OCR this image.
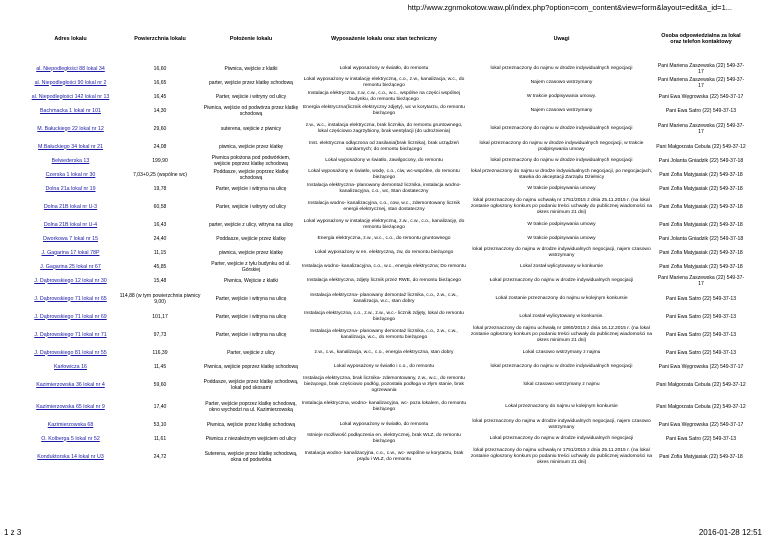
http://www.zgnmokotow.waw.pl/index.php?option=com_content&view=form&layout=edit&a_id=1...
Adres lokalu	Powierzchnia lokalu	Położenie lokalu	Wyposażenie lokalu oraz stan techniczny	Uwagi	Osoba odpowiedzialna za lokal oraz telefon kontaktowy
al. Niepodległości 88 lokal 34	16,60	Piwnica, wejście z klatki	Lokal wyposażony w światło, do remontu	lokal przeznaczony do najmu w drodze indywidualnych negocjacji	Pani Mariena Zaszewska (22) 549-37-17
al. Niepodległości 90 lokal nr 2	16,65	parter, wejście przez klatkę schodową	Lokal wyposażony w instalację elektryczną, c.o., z.w., kanalizacja, w.c., do remontu bieżącego	Najem czasowo wstrzymany	Pani Mariena Zaszewska (22) 549-37-17
al. Niepodległości 142 lokal nr 13	16,45	Parter, wejście i witryny od ulicy	Instalacja elektryczna, z.w, c.w., c.o., w.c., wspólne na części wspólnej budynku, do remontu bieżącego	W trakcie podpisywania umowy.	Pani Ewa Węgrowska (22) 549-37-17
Bachmacka 1 lokal nr 101	14,30	Piwnica, wejście od podwórza przez klatkę schodową	Energia elektryczna(licznik elektryczny zdjęty), wc w korytarzu, do remontu bieżącego	Najem czasowo wstrzymany	Pani Ewa Satro (22) 549-37-13
M. Bałuckiego 22 lokal nr 12	29,60	suterena, wejście z piwnicy	z.w., w.c., instalacja elektryczna, brak licznika, do remontu gruntownego, lokal częściowo zagrzybiony, brak wentylacji (do udrożnienia)	lokal przeznaczony do najmu w drodze indywidualnych negocjacji	Pani Mariena Zaszewska (22) 549-37-17
M.Bałuckiego 34 lokal nr 21	24,08	piwnica, wejście przez klatkę	Inst. elektryczna odłączona od zasilania(brak licznika), brak urządzeń sanitarnych; do remontu bieżącego	lokal przeznaczony do najmu w drodze indywidualnych negocjacji, w trakcie podpisywania umowy	Pani Małgorzata Cebula (22) 549-37-12
Belwederska 13	199,90	Piwnica położona pod podwórkiem, wejście poprzez klatkę schodową	Lokal wyposażony w światło, zawilgocony, do remontu	lokal przeznaczony do najmu w drodze indywidualnych negocjacji	Pani Jolanta Gniadzik (22) 549-37-18
Czerska 1 lokal nr 30	7,03+0,25 (wspólne wc)	Poddasze, wejście poprzez klatkę schodową	Lokal wyposażony w światło, wodę, c.o., ciw, wc-wspólne, do remontu bieżącego	lokal przeznaczony do najmu w drodze indywidualnych negocjacji, po negocjacjach, stawka do akceptacji Zarządu Dzielnicy	Pani Zofia Matyjasiak (22) 549-37-18
Dolna 21a lokal nr 19	19,78	Parter, wejście i witryna na ulicę	Instalacja elektryczna- planowany demontaż licznika, instalacja wodno- kanalizacyjna, c.o., wc, Stan dostateczny	W trakcie podpisywania umowy	Pani Zofia Matyjasiak (22) 549-37-18
Dolna 21B lokal nr U-3	60,58	Parter, wejście i witryny od ulicy	Instalacja wodno- kanalizacyjna, c.o., cow, w.c., zdemontowany licznik energii elektrycznej, stan dostateczny	lokal przeznaczony do najmu uchwałą nr 1751/2015 z dnia 25.11.2015 r. (na lokal zostanie ogłoszony konkurs po podaniu treści uchwały do publicznej wiadomości na okres minimum 21 dni)	Pani Zofia Matyjasiak (22) 549-37-18
Dolna 21B lokal nr U-4	16,43	parter, wejście z ulicy, witryna na ulicę	Lokal wyposażony w instalację elektryczną, z.w., c.w., c.o., kanalizację, do remontu bieżącego	W trakcie podpisywania umowy	Pani Zofia Matyjasiak (22) 549-37-18
Dworkowa 7 lokal nr 15	24,40	Poddasze, wejście przez klatkę	Energia elektryczna, z.w., w.c., c.o., do remontu gruntownego	W trakcie podpisywania umowy	Pani Jolanta Gniadzik (22) 549-37-18
J. Gagarina 17 lokal 78P	11,15	piwnica, wejście przez klatkę	Lokal wyposażony w en. elektryczną, zw, do remontu bieżącego	lokal przeznaczony do najmu w drodze indywidualnych negocjacji, najem czasowo wstrzymany	Pani Zofia Matyjasiak (22) 549-37-18
J. Gagarina 25 lokal nr 67	45,85	Parter, wejście z tyłu budynku od ul. Górskiej	Instalacja wodno- kanalizacyjna, c.o., w.c., energia elektryczna; Do remontu	Lokal został wylicytowany w konkursie	Pani Zofia Matyjasiak (22) 549-37-18
J. Dąbrowskiego 12 lokal nr 30	15,48	Piwnica, Wejście z klatki	Instalacja elektryczna, zdjęty licznik przez RWE, do remontu bieżącego	Łokal przeznaczony do najmu w drodze indywidualnych negocjacji	Pani Mariena Zaszewska (22) 549-37-17
J. Dąbrowskiego 71 lokal nr 65	114,88 (w tym powierzchnia piwnicy 9,00)	Parter, wejście i witryna na ulicę	Instalacja elektryczna- planowany demontaż licznika, c.o., z.w., c.w., kanalizacja, w.c., stan dobry	Lokal zostanie przeznaczony do najmu w kolejnym konkursie	Pani Ewa Satro (22) 549-37-13
J. Dąbrowskiego 71 lokal nr 69	101,17	Parter, wejście i witryna na ulicę	Instalacja elektryczna, c.o., z.w., z.w., w.c.- licznik zdjęty, lokal do remontu bieżącego	Lokal został wylicytowany w konkursie.	Pani Ewa Satro (22) 549-37-13
J. Dąbrowskiego 71 lokal nr 71	97,73	Parter, wejście i witryna na ulicę	Instalacja elektryczna- planowany demontaż licznika, c.o., z.w., c.w., kanalizacja, w.c., do remontu bieżącego	lokal przeznaczony do najmu uchwałą nr 1860/2015 z dnia 16.12.2015 r. (na lokal zostanie ogłoszony konkurs po podaniu treści uchwały do publicznej wiadomości na okres minimum 21 dni)	Pani Ewa Satro (22) 549-37-13
J. Dąbrowskiego 81 lokal nr 55	116,39	Parter, wejście z ulicy	z.w., c.w., kanalizacja, w.c., c.o., energia elektryczna, stan dobry	Lokal czasowo wstrzymany z najmu	Pani Ewa Satro (22) 549-37-13
Karłowicza 16	11,45	Piwnica, wejście poprzez klatkę schodową	Lokal wyposażony w światło i c.o., do remontu	lokal przeznaczony do najmu w drodze indywidualnych negocjacji	Pani Ewa Węgrowska (22) 549-37-17
Kazimierzowska 36 lokal nr 4	59,60	Poddasze, wejście przez klatkę schodową, lokal pod skosami	Instalacja elektryczna, brak licznika- zdemontowany, z.w., w.c., do remontu bieżącego, brak częściowo podłóg, pozostała podłoga w złym stanie, brak ogrzewania	lokal czasowo wstrzymany z najmu	Pani Małgorzata Cebula (22) 549-37-12
Kazimierzowska 65 lokal nr 9	17,40	Parter, wejście poprzez klatkę schodową, okno wychodzi na ul. Kazimierzowską	Instalacja elektryczna, wodno- kanalizacyjna, wc- poza lokalem, do remontu bieżącego	Lokal przeznaczony do najmu w kolejnym konkursie	Pani Małgorzata Cebula (22) 549-37-12
Kazimierzowska 68	53,10	Piwnica, wejście przez klatkę schodową	Lokal wyposażony w światło, do remontu	lokal przeznaczony do najmu w drodze indywidualnych negocjacji, najem czasowo wstrzymany	Pani Ewa Węgrowska (22) 549-37-17
O. Kolberga 5 lokal nr 52	11,61	Piwnica z niezależnym wejściem od ulicy	Istnieje możliwość podłączenia en. elektrycznej, brak WLZ, do remontu bieżącego	Lokal przeznaczony do najmu w drodze indywidualnych negocjacji	Pani Ewa Satro (22) 549-37-13
Konduktorska 14 lokal nr U3	24,72	Suterena, wejście przez klatkę schodową, okna od podwórka	Instalacja wodno- kanalizacyjna, c.o., c.w., wc- wspólne w korytarzu, brak prądu i WLZ, do remontu	lokal przeznaczony do najmu uchwałą nr 1751/2015 z dnia 25.11.2015 r. (na lokal zostanie ogłoszony konkurs po podaniu treści uchwały do publicznej wiadomości na okres minimum 21 dni)	Pani Zofia Matyjasiak (22) 549-37-18
1 z 3	2016-01-28 12:51
